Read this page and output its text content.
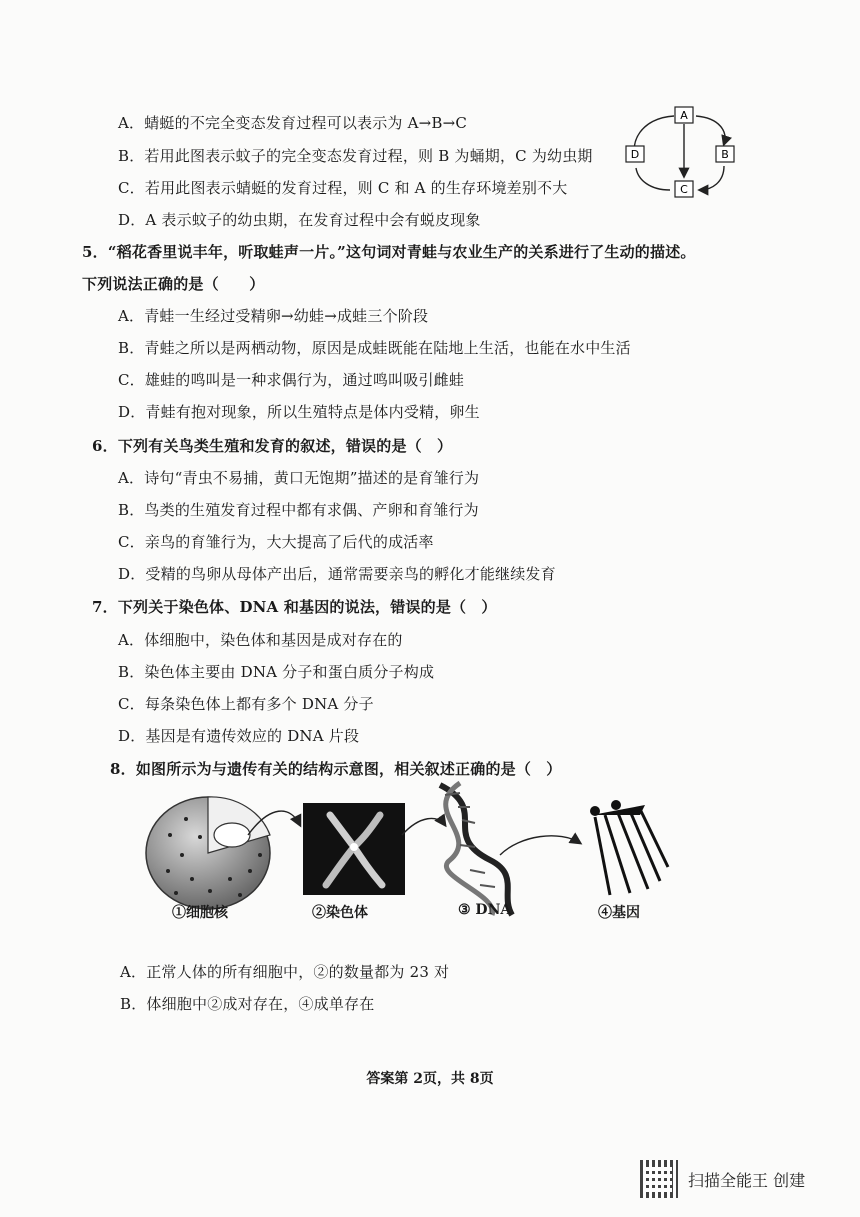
A．蜻蜓的不完全变态发育过程可以表示为 A→B→C
B．若用此图表示蚊子的完全变态发育过程，则 B 为蛹期，C 为幼虫期
C．若用此图表示蜻蜓的发育过程，则 C 和 A 的生存环境差别不大
D．A 表示蚊子的幼虫期，在发育过程中会有蜕皮现象
A
B
C
D
5．“稻花香里说丰年，听取蛙声一片。”这句词对青蛙与农业生产的关系进行了生动的描述。
下列说法正确的是（　　）
A．青蛙一生经过受精卵→幼蛙→成蛙三个阶段
B．青蛙之所以是两栖动物，原因是成蛙既能在陆地上生活，也能在水中生活
C．雄蛙的鸣叫是一种求偶行为，通过鸣叫吸引雌蛙
D．青蛙有抱对现象，所以生殖特点是体内受精，卵生
6．下列有关鸟类生殖和发育的叙述，错误的是（　）
A．诗句“青虫不易捕，黄口无饱期”描述的是育雏行为
B．鸟类的生殖发育过程中都有求偶、产卵和育雏行为
C．亲鸟的育雏行为，大大提高了后代的成活率
D．受精的鸟卵从母体产出后，通常需要亲鸟的孵化才能继续发育
7．下列关于染色体、DNA 和基因的说法，错误的是（　）
A．体细胞中，染色体和基因是成对存在的
B．染色体主要由 DNA 分子和蛋白质分子构成
C．每条染色体上都有多个 DNA 分子
D．基因是有遗传效应的 DNA 片段
8．如图所示为与遗传有关的结构示意图，相关叙述正确的是（　）
①细胞核	②染色体	③ DNA	④基因
A．正常人体的所有细胞中，②的数量都为 23 对
B．体细胞中②成对存在，④成单存在
答案第 2页，共 8页
扫描全能王 创建
